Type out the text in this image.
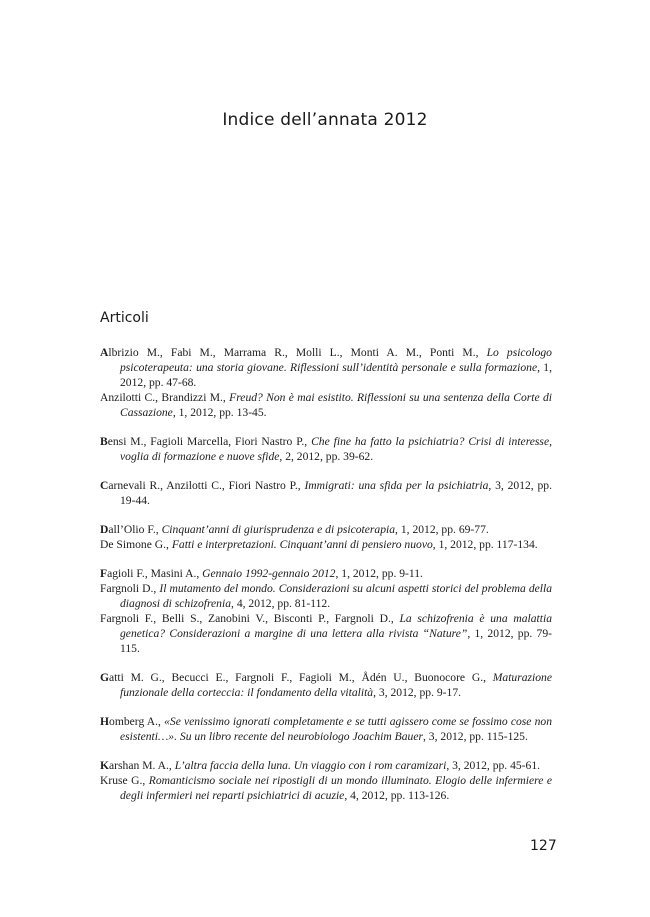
Indice dell’annata 2012
Articoli

Albrizio M., Fabi M., Marrama R., Molli L., Monti A. M., Ponti M., Lo psicologo psicoterapeuta: una storia giovane. Riflessioni sull’identità personale e sulla formazione, 1, 2012, pp. 47-68.

Anzilotti C., Brandizzi M., Freud? Non è mai esistito. Riflessioni su una sentenza della Corte di Cassazione, 1, 2012, pp. 13-45.

Bensi M., Fagioli Marcella, Fiori Nastro P., Che fine ha fatto la psichiatria? Crisi di interesse, voglia di formazione e nuove sfide, 2, 2012, pp. 39-62.

Carnevali R., Anzilotti C., Fiori Nastro P., Immigrati: una sfida per la psichiatria, 3, 2012, pp. 19-44.

Dall’Olio F., Cinquant’anni di giurisprudenza e di psicoterapia, 1, 2012, pp. 69-77.

De Simone G., Fatti e interpretazioni. Cinquant’anni di pensiero nuovo, 1, 2012, pp. 117-134.

Fagioli F., Masini A., Gennaio 1992-gennaio 2012, 1, 2012, pp. 9-11.

Fargnoli D., Il mutamento del mondo. Considerazioni su alcuni aspetti storici del problema della diagnosi di schizofrenia, 4, 2012, pp. 81-112.

Fargnoli F., Belli S., Zanobini V., Bisconti P., Fargnoli D., La schizofrenia è una malattia genetica? Considerazioni a margine di una lettera alla rivista “Nature”, 1, 2012, pp. 79-115.

Gatti M. G., Becucci E., Fargnoli F., Fagioli M., Ådén U., Buonocore G., Maturazione funzionale della corteccia: il fondamento della vitalità, 3, 2012, pp. 9-17.

Homberg A., «Se venissimo ignorati completamente e se tutti agissero come se fossimo cose non esistenti…». Su un libro recente del neurobiologo Joachim Bauer, 3, 2012, pp. 115-125.

Karshan M. A., L’altra faccia della luna. Un viaggio con i rom caramizari, 3, 2012, pp. 45-61.

Kruse G., Romanticismo sociale nei ripostigli di un mondo illuminato. Elogio delle infermiere e degli infermieri nei reparti psichiatrici di acuzie, 4, 2012, pp. 113-126.

127
